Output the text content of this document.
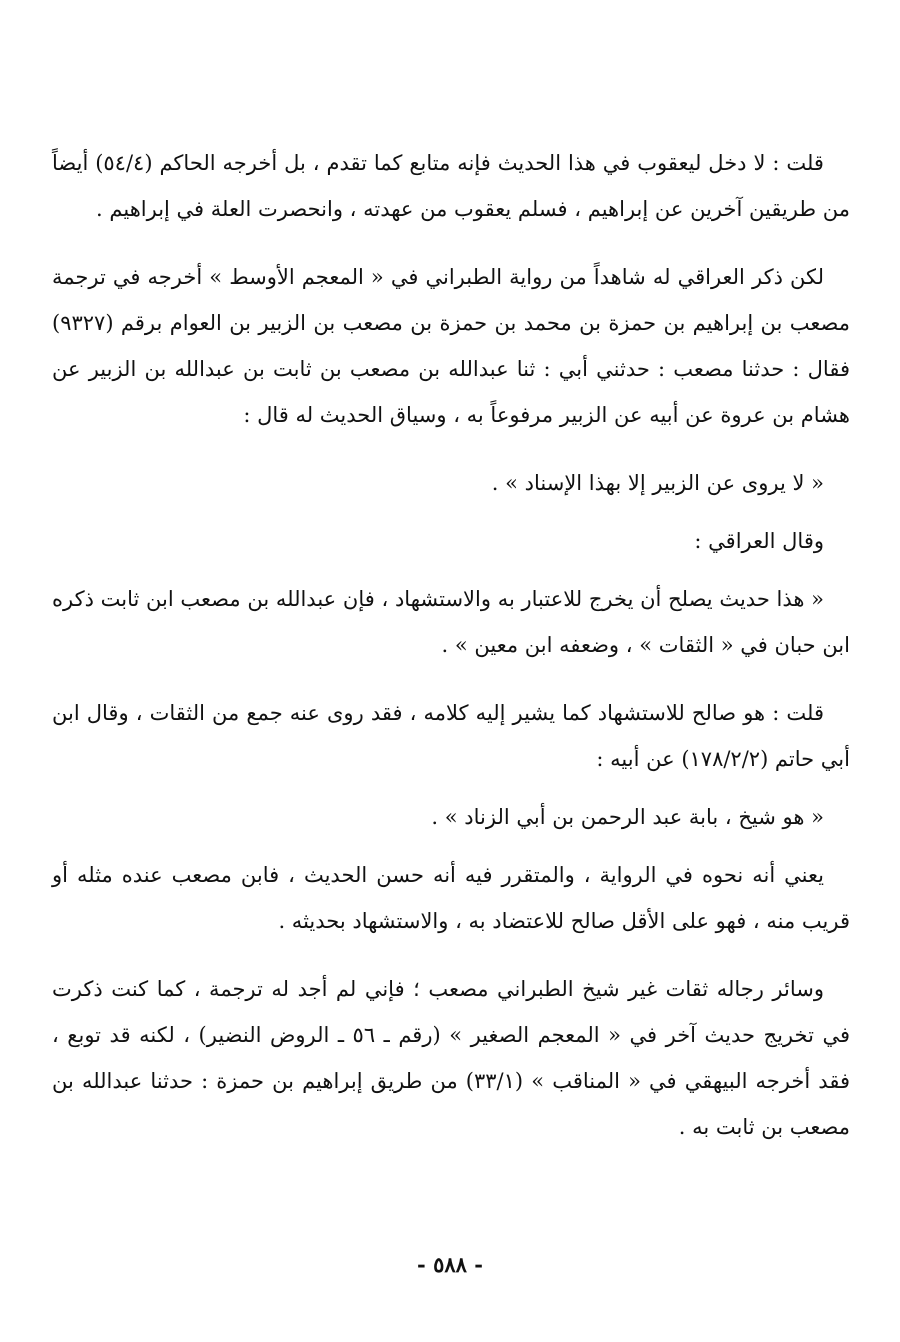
قلت : لا دخل ليعقوب في هذا الحديث فإنه متابع كما تقدم ، بل أخرجه الحاكم (٥٤/٤) أيضاً من طريقين آخرين عن إبراهيم ، فسلم يعقوب من عهدته ، وانحصرت العلة في إبراهيم .

لكن ذكر العراقي له شاهداً من رواية الطبراني في « المعجم الأوسط » أخرجه في ترجمة مصعب بن إبراهيم بن حمزة بن محمد بن حمزة بن مصعب بن الزبير بن العوام برقم (٩٣٢٧) فقال : حدثنا مصعب : حدثني أبي : ثنا عبدالله بن مصعب بن ثابت بن عبدالله بن الزبير عن هشام بن عروة عن أبيه عن الزبير مرفوعاً به ، وسياق الحديث له قال :

« لا يروى عن الزبير إلا بهذا الإسناد » .

وقال العراقي :

« هذا حديث يصلح أن يخرج للاعتبار به والاستشهاد ، فإن عبدالله بن مصعب ابن ثابت ذكره ابن حبان في « الثقات » ، وضعفه ابن معين » .

قلت : هو صالح للاستشهاد كما يشير إليه كلامه ، فقد روى عنه جمع من الثقات ، وقال ابن أبي حاتم (١٧٨/٢/٢) عن أبيه :

« هو شيخ ، بابة عبد الرحمن بن أبي الزناد » .

يعني أنه نحوه في الرواية ، والمتقرر فيه أنه حسن الحديث ، فابن مصعب عنده مثله أو قريب منه ، فهو على الأقل صالح للاعتضاد به ، والاستشهاد بحديثه .

وسائر رجاله ثقات غير شيخ الطبراني مصعب ؛ فإني لم أجد له ترجمة ، كما كنت ذكرت في تخريج حديث آخر في « المعجم الصغير » (رقم ـ ٥٦ ـ الروض النضير) ، لكنه قد توبع ، فقد أخرجه البيهقي في « المناقب » (٣٣/١) من طريق إبراهيم بن حمزة : حدثنا عبدالله بن مصعب بن ثابت به .

- ٥٨٨ -
